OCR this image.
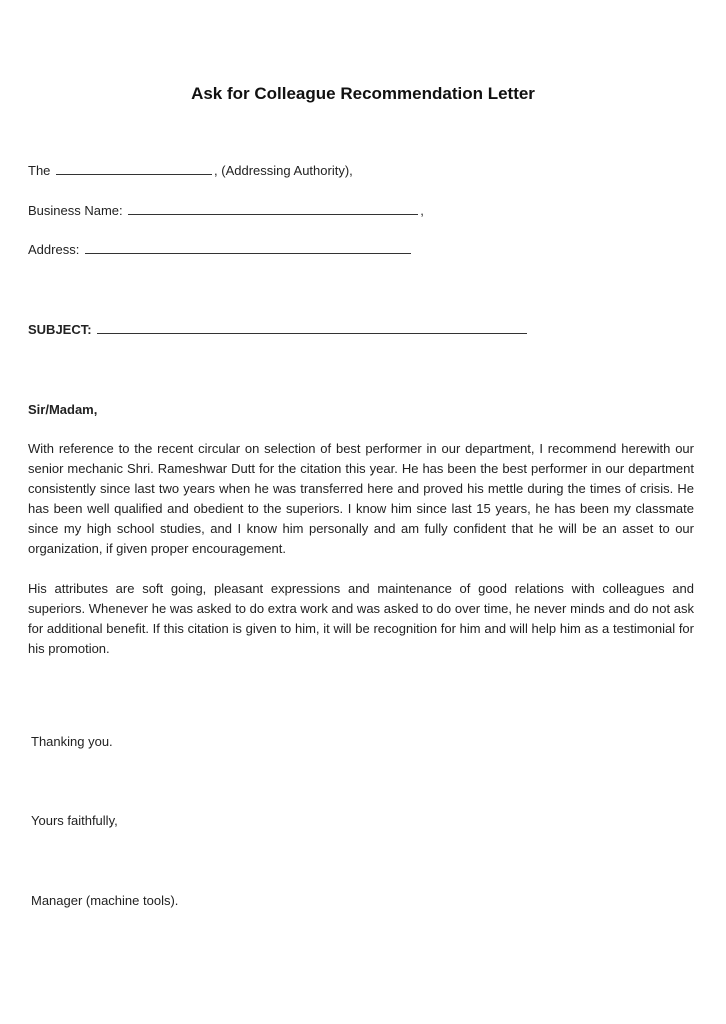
Ask for Colleague Recommendation Letter
The	, (Addressing Authority),
Business Name:	,
Address:
SUBJECT:
Sir/Madam,
With reference to the recent circular on selection of best performer in our department, I recommend herewith our senior mechanic Shri. Rameshwar Dutt for the citation this year. He has been the best performer in our department consistently since last two years when he was transferred here and proved his mettle during the times of crisis. He has been well qualified and obedient to the superiors. I know him since last 15 years, he has been my classmate since my high school studies, and I know him personally and am fully confident that he will be an asset to our organization, if given proper encouragement.
His attributes are soft going, pleasant expressions and maintenance of good relations with colleagues and superiors. Whenever he was asked to do extra work and was asked to do over time, he never minds and do not ask for additional benefit. If this citation is given to him, it will be recognition for him and will help him as a testimonial for his promotion.
Thanking you.
Yours faithfully,
Manager (machine tools).
